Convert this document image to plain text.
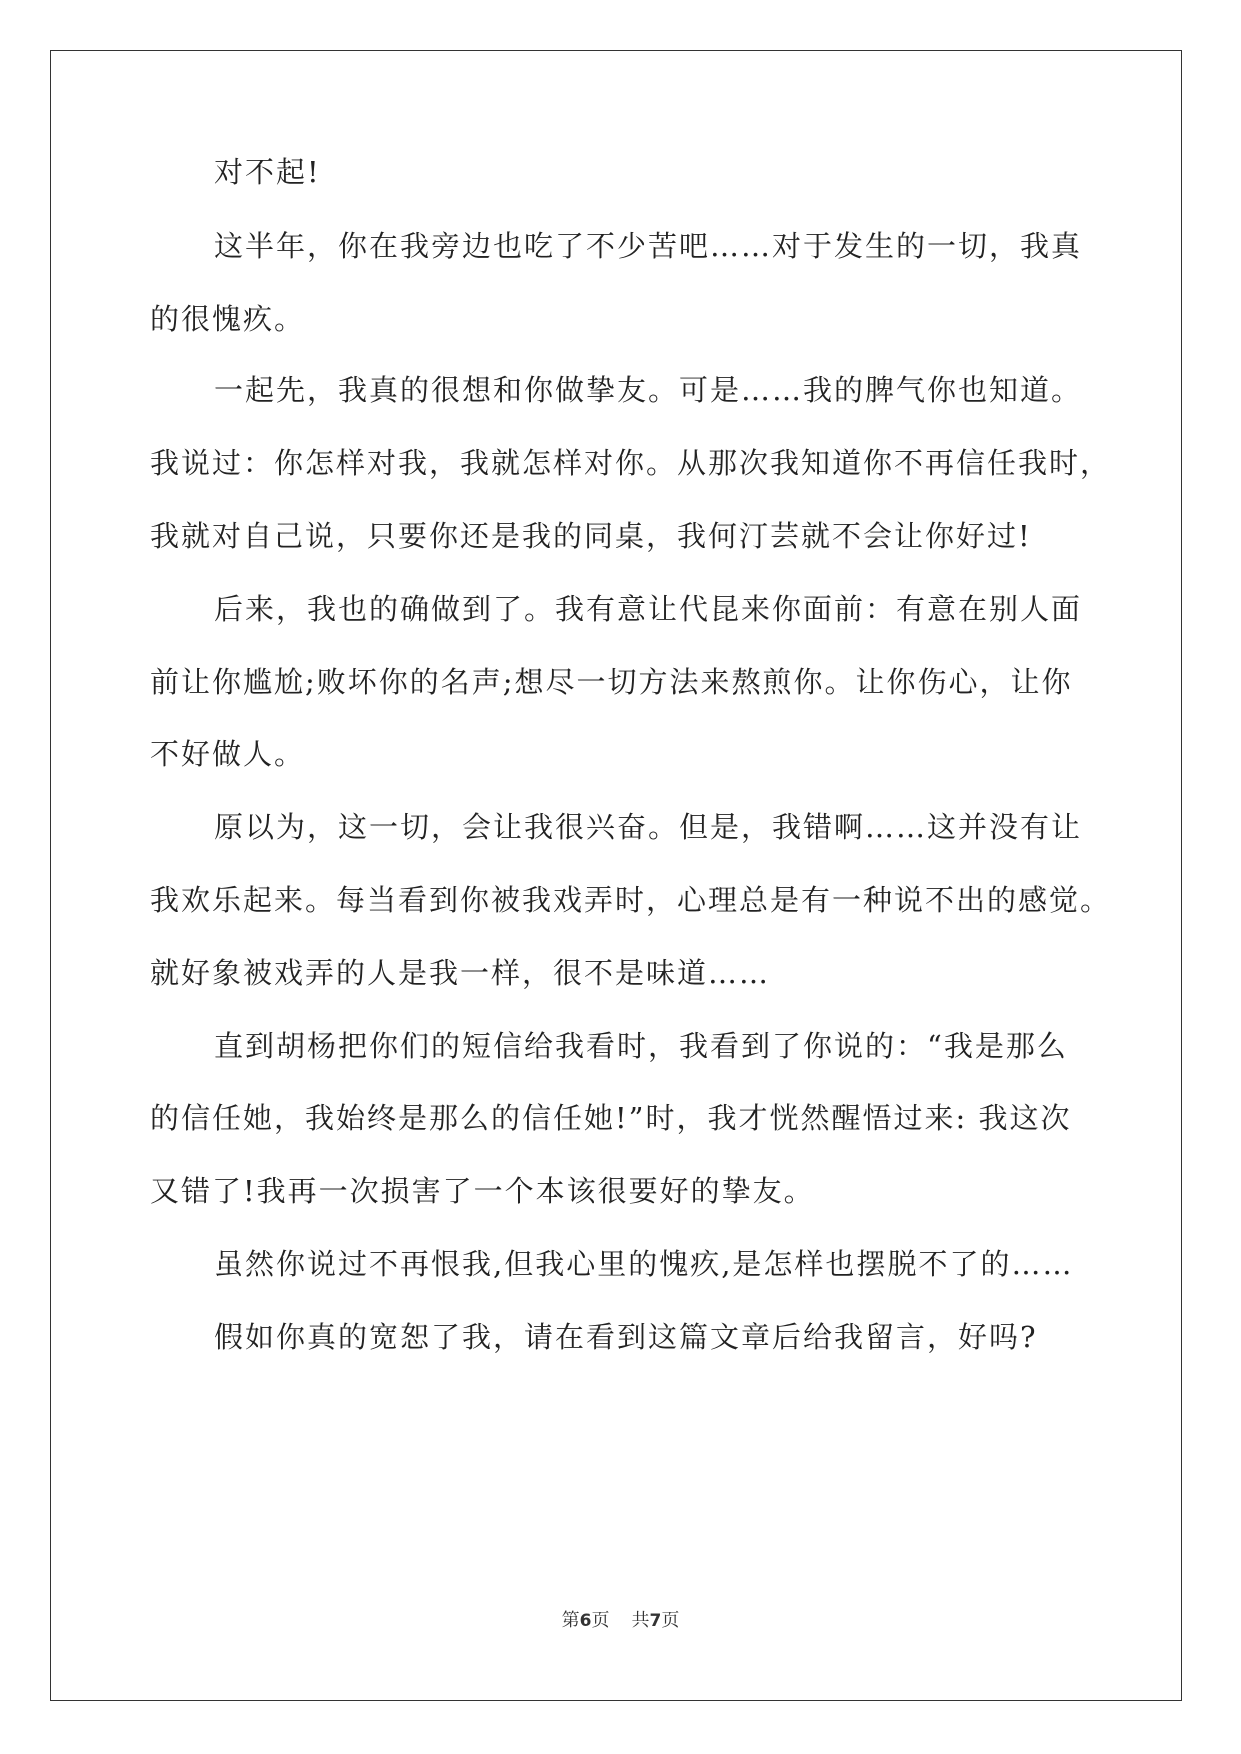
对不起!
这半年，你在我旁边也吃了不少苦吧……对于发生的一切，我真
的很愧疚。
一起先，我真的很想和你做挚友。可是……我的脾气你也知道。
我说过：你怎样对我，我就怎样对你。从那次我知道你不再信任我时，
我就对自己说，只要你还是我的同桌，我何汀芸就不会让你好过!
后来，我也的确做到了。我有意让代昆来你面前：有意在别人面
前让你尴尬;败坏你的名声;想尽一切方法来熬煎你。让你伤心，让你
不好做人。
原以为，这一切，会让我很兴奋。但是，我错啊……这并没有让
我欢乐起来。每当看到你被我戏弄时，心理总是有一种说不出的感觉。
就好象被戏弄的人是我一样，很不是味道……
直到胡杨把你们的短信给我看时，我看到了你说的：“我是那么
的信任她，我始终是那么的信任她!”时，我才恍然醒悟过来: 我这次
又错了!我再一次损害了一个本该很要好的挚友。
虽然你说过不再恨我,但我心里的愧疚,是怎样也摆脱不了的……
假如你真的宽恕了我，请在看到这篇文章后给我留言，好吗?
第6页 共7页
